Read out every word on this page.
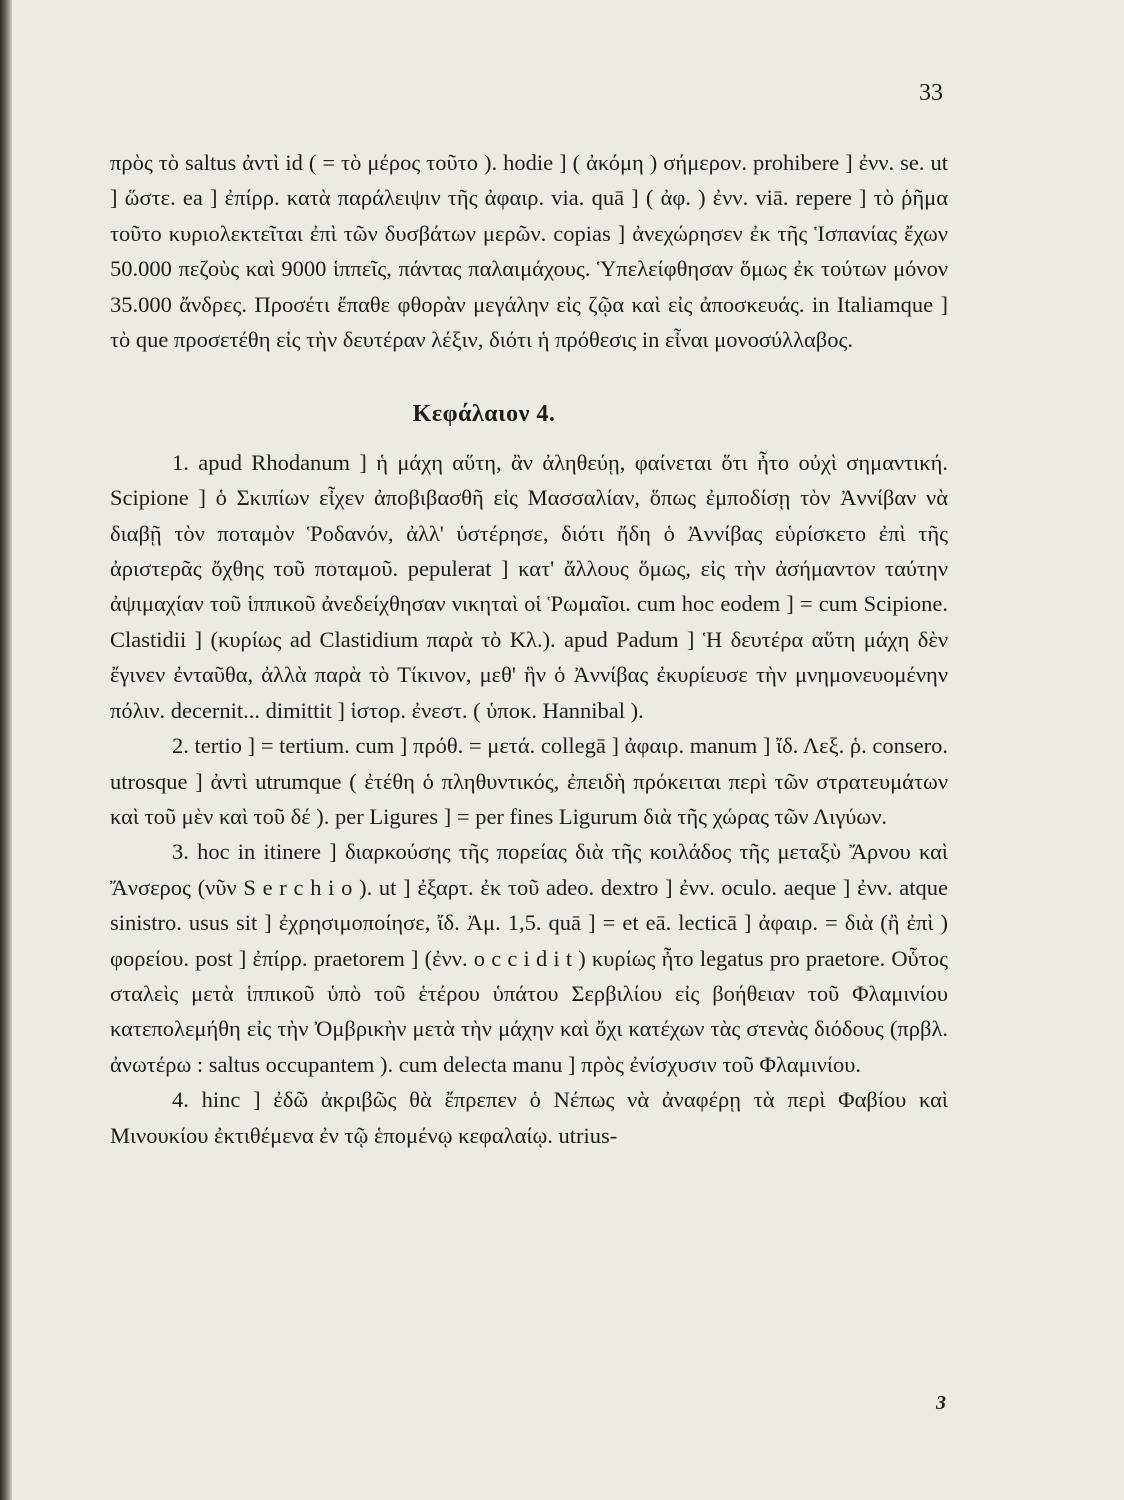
33

πρὸς τὸ saltus ἀντὶ id ( = τὸ μέρος τοῦτο ). hodie ] ( ἀκόμη ) σήμερον. prohibere ] ἐνν. se. ut ] ὥστε. ea ] ἐπίρρ. κατὰ παράλειψιν τῆς ἀφαιρ. via. quā ] ( ἀφ. ) ἐνν. viā. repere ] τὸ ῥῆμα τοῦτο κυριολεκτεῖται ἐπὶ τῶν δυσβάτων μερῶν. copias ] ἀνεχώρησεν ἐκ τῆς Ἱσπανίας ἔχων 50.000 πεζοὺς καὶ 9000 ἱππεῖς, πάντας παλαιμάχους. Ὑπελείφθησαν ὅμως ἐκ τούτων μόνον 35.000 ἄνδρες. Προσέτι ἔπαθε φθορὰν μεγάλην εἰς ζῷα καὶ εἰς ἀποσκευάς. in Italiamque ] τὸ que προσετέθη εἰς τὴν δευτέραν λέξιν, διότι ἡ πρόθεσις in εἶναι μονοσύλλαβος.

Κεφάλαιον 4.

1. apud Rhodanum ] ἡ μάχη αὕτη, ἂν ἀληθεύῃ, φαίνεται ὅτι ἦτο οὐχὶ σημαντική. Scipione ] ὁ Σκιπίων εἶχεν ἀποβιβασθῆ εἰς Μασσαλίαν, ὅπως ἐμποδίσῃ τὸν Ἀννίβαν νὰ διαβῇ τὸν ποταμὸν Ῥοδανόν, ἀλλ' ὑστέρησε, διότι ἤδη ὁ Ἀννίβας εὑρίσκετο ἐπὶ τῆς ἀριστερᾶς ὄχθης τοῦ ποταμοῦ. pepulerat ] κατ' ἄλλους ὅμως, εἰς τὴν ἀσήμαντον ταύτην ἀψιμαχίαν τοῦ ἱππικοῦ ἀνεδείχθησαν νικηταὶ οἱ Ῥωμαῖοι. cum hoc eodem ] = cum Scipione. Clastidii ] (κυρίως ad Clastidium παρὰ τὸ Κλ.). apud Padum ] Ἡ δευτέρα αὕτη μάχη δὲν ἔγινεν ἐνταῦθα, ἀλλὰ παρὰ τὸ Τίκινον, μεθ' ἣν ὁ Ἀννίβας ἐκυρίευσε τὴν μνημονευομένην πόλιν. decernit... dimittit ] ἱστορ. ἐνεστ. ( ὑποκ. Hannibal ).

2. tertio ] = tertium. cum ] πρόθ. = μετά. collegā ] ἀφαιρ. manum ] ἴδ. Λεξ. ῥ. consero. utrosque ] ἀντὶ utrumque ( ἐτέθη ὁ πληθυντικός, ἐπειδὴ πρόκειται περὶ τῶν στρατευμάτων καὶ τοῦ μὲν καὶ τοῦ δέ ). per Ligures ] = per fines Ligurum διὰ τῆς χώρας τῶν Λιγύων.

3. hoc in itinere ] διαρκούσης τῆς πορείας διὰ τῆς κοιλάδος τῆς μεταξὺ Ἄρνου καὶ Ἄνσερος (νῦν S e r c h i o ). ut ] ἐξαρτ. ἐκ τοῦ adeo. dextro ] ἐνν. oculo. aeque ] ἐνν. atque sinistro. usus sit ] ἐχρησιμοποίησε, ἴδ. Ἀμ. 1,5. quā ] = et eā. lecticā ] ἀφαιρ. = διὰ (ἢ ἐπὶ ) φορείου. post ] ἐπίρρ. praetorem ] (ἐνν. o c c i d i t ) κυρίως ἦτο legatus pro praetore. Οὗτος σταλεὶς μετὰ ἱππικοῦ ὑπὸ τοῦ ἑτέρου ὑπάτου Σερβιλίου εἰς βοήθειαν τοῦ Φλαμινίου κατεπολεμήθη εἰς τὴν Ὀμβρικὴν μετὰ τὴν μάχην καὶ ὄχι κατέχων τὰς στενὰς διόδους (πρβλ. ἀνωτέρω : saltus occupantem ). cum delecta manu ] πρὸς ἐνίσχυσιν τοῦ Φλαμινίου.

4. hinc ] ἐδῶ ἀκριβῶς θὰ ἔπρεπεν ὁ Νέπως νὰ ἀναφέρῃ τὰ περὶ Φαβίου καὶ Μινουκίου ἐκτιθέμενα ἐν τῷ ἑπομένῳ κεφαλαίῳ. utrius-

3
